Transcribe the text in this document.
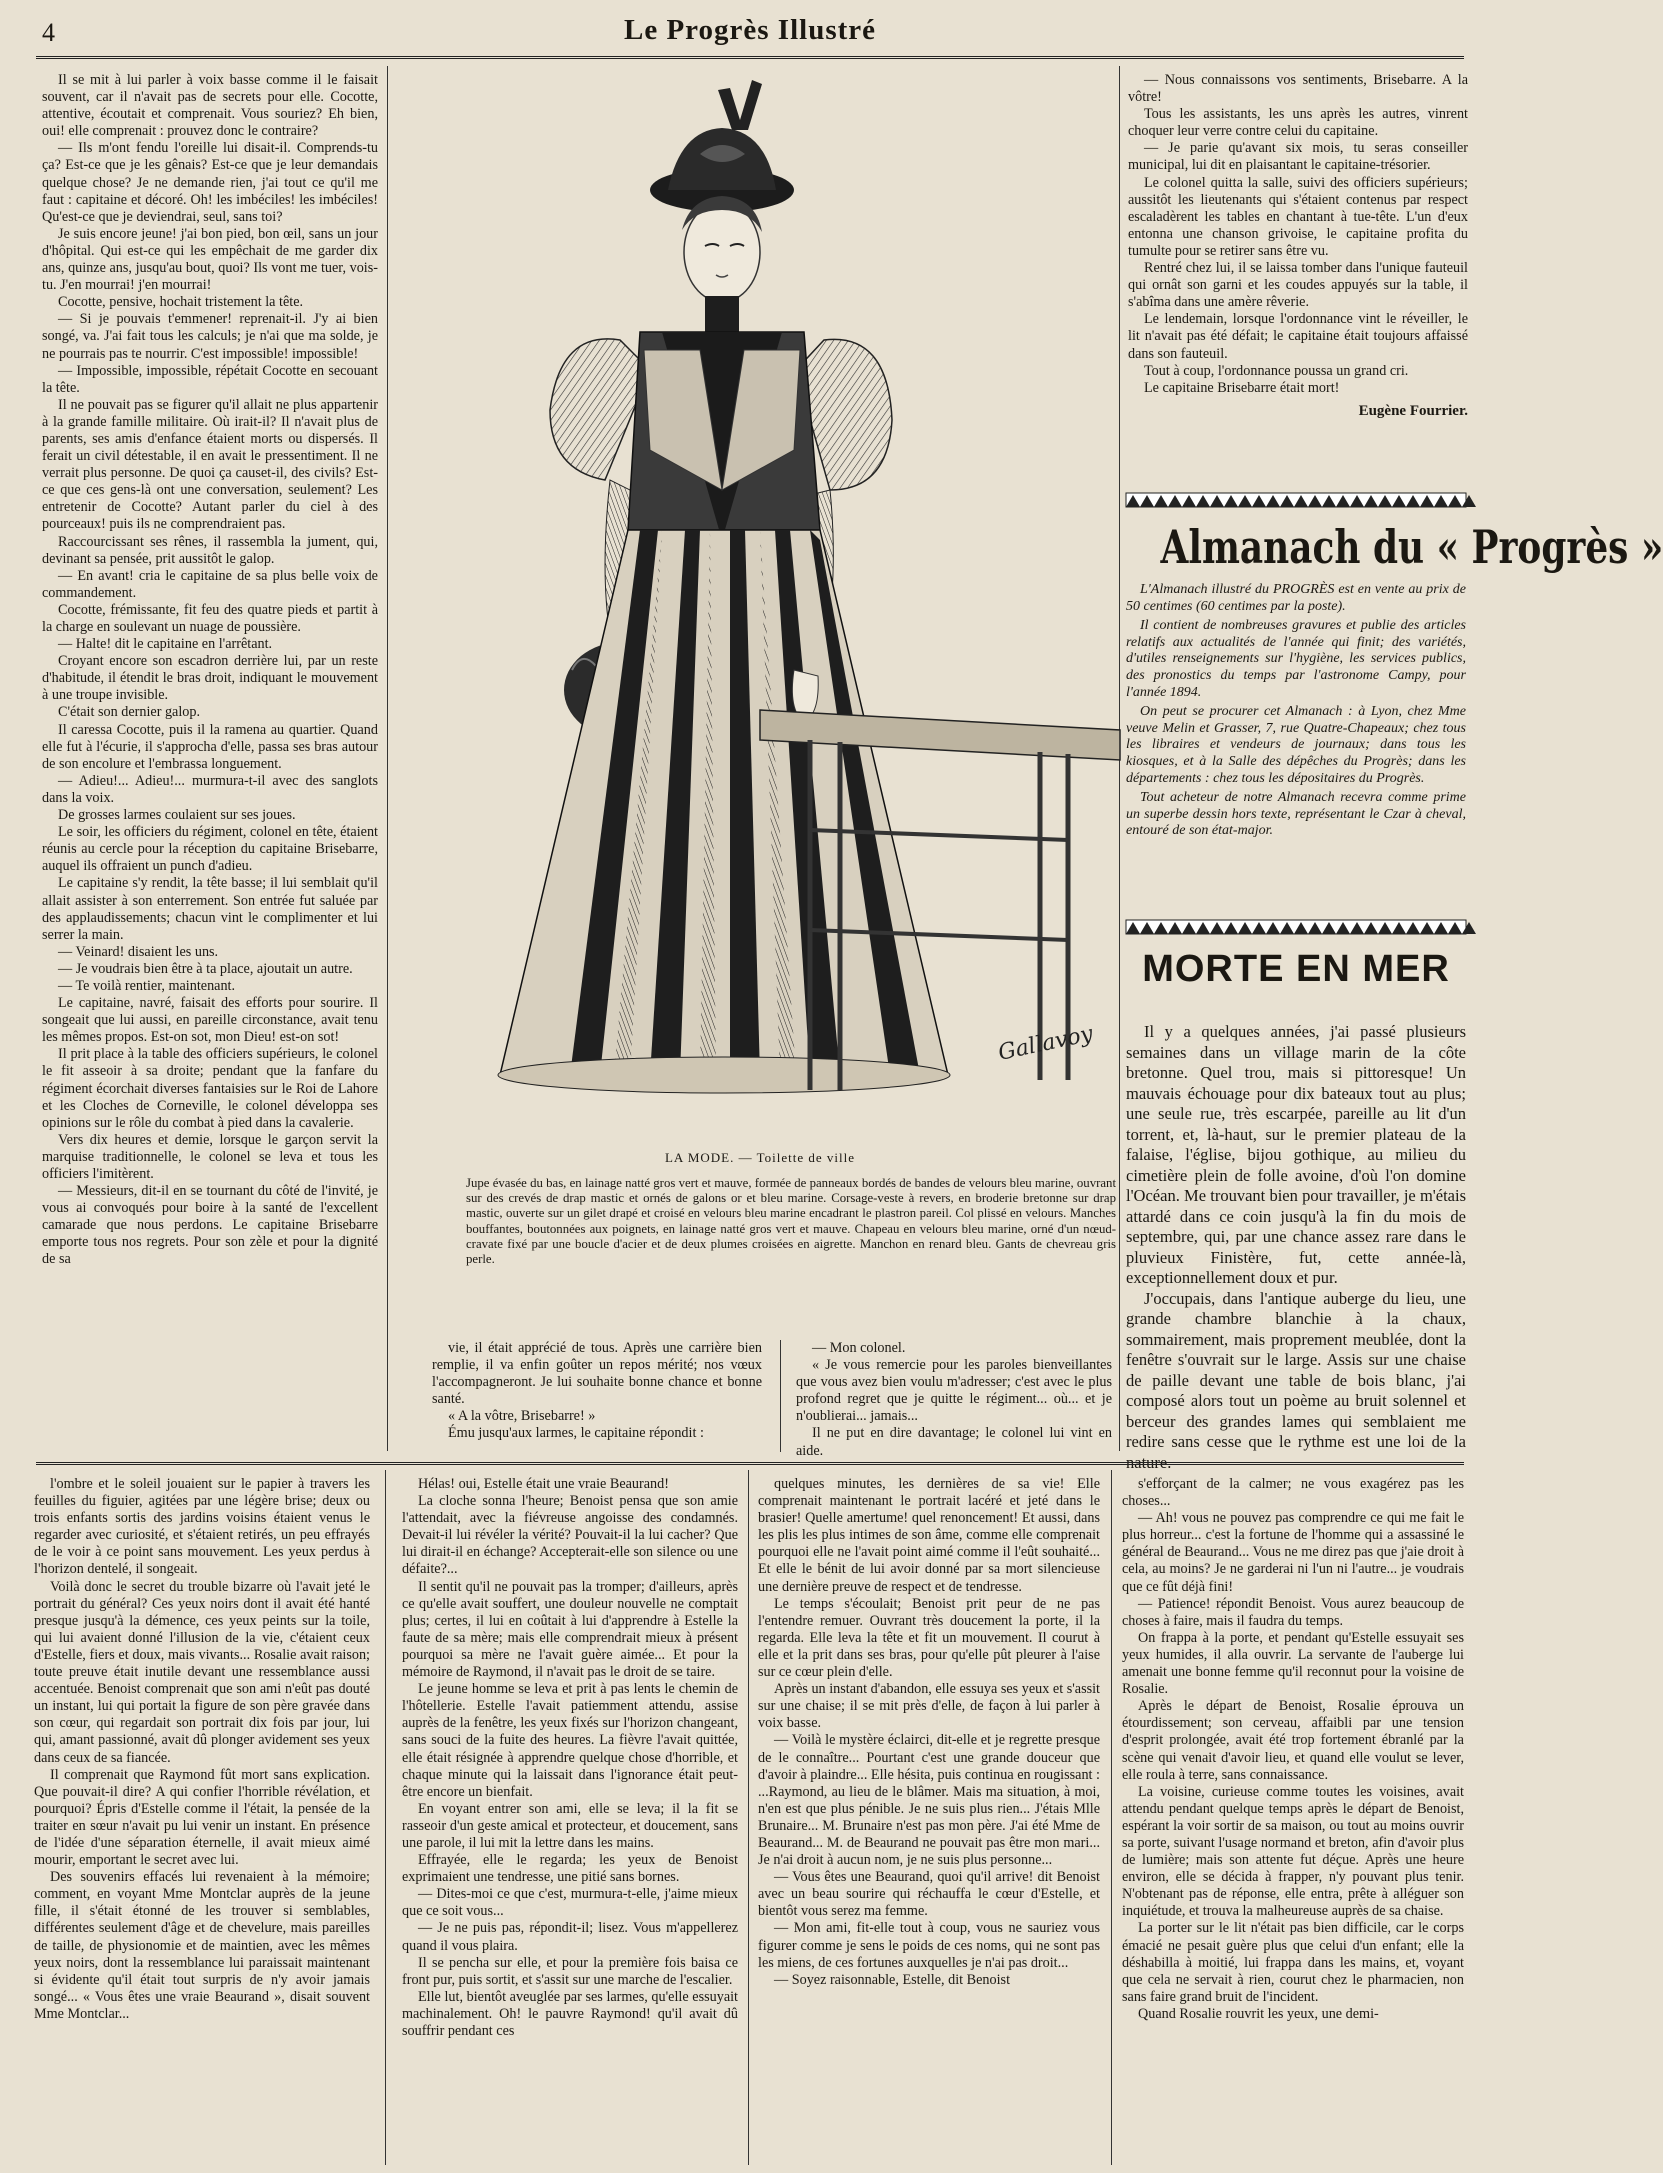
4	Le Progrès Illustré

Il se mit à lui parler à voix basse comme il le faisait souvent, car il n'avait pas de secrets pour elle. Cocotte, attentive, écoutait et comprenait. Vous souriez? Eh bien, oui! elle comprenait : prouvez donc le contraire?

— Ils m'ont fendu l'oreille lui disait-il. Comprends-tu ça? Est-ce que je les gênais? Est-ce que je leur demandais quelque chose? Je ne demande rien, j'ai tout ce qu'il me faut : capitaine et décoré. Oh! les imbéciles! les imbéciles! Qu'est-ce que je deviendrai, seul, sans toi?

Je suis encore jeune! j'ai bon pied, bon œil, sans un jour d'hôpital. Qui est-ce qui les empêchait de me garder dix ans, quinze ans, jusqu'au bout, quoi? Ils vont me tuer, vois-tu. J'en mourrai! j'en mourrai!

Cocotte, pensive, hochait tristement la tête.

— Si je pouvais t'emmener! reprenait-il. J'y ai bien songé, va. J'ai fait tous les calculs; je n'ai que ma solde, je ne pourrais pas te nourrir. C'est impossible! impossible!

— Impossible, impossible, répétait Cocotte en secouant la tête.

Il ne pouvait pas se figurer qu'il allait ne plus appartenir à la grande famille militaire. Où irait-il? Il n'avait plus de parents, ses amis d'enfance étaient morts ou dispersés. Il ferait un civil détestable, il en avait le pressentiment. Il ne verrait plus personne. De quoi ça causet-il, des civils? Est-ce que ces gens-là ont une conversation, seulement? Les entretenir de Cocotte? Autant parler du ciel à des pourceaux! puis ils ne comprendraient pas.

Raccourcissant ses rênes, il rassembla la jument, qui, devinant sa pensée, prit aussitôt le galop.

— En avant! cria le capitaine de sa plus belle voix de commandement.

Cocotte, frémissante, fit feu des quatre pieds et partit à la charge en soulevant un nuage de poussière.

— Halte! dit le capitaine en l'arrêtant.

Croyant encore son escadron derrière lui, par un reste d'habitude, il étendit le bras droit, indiquant le mouvement à une troupe invisible.

C'était son dernier galop.

Il caressa Cocotte, puis il la ramena au quartier. Quand elle fut à l'écurie, il s'approcha d'elle, passa ses bras autour de son encolure et l'embrassa longuement.

— Adieu!... Adieu!... murmura-t-il avec des sanglots dans la voix.

De grosses larmes coulaient sur ses joues.

Le soir, les officiers du régiment, colonel en tête, étaient réunis au cercle pour la réception du capitaine Brisebarre, auquel ils offraient un punch d'adieu.

Le capitaine s'y rendit, la tête basse; il lui semblait qu'il allait assister à son enterrement. Son entrée fut saluée par des applaudissements; chacun vint le complimenter et lui serrer la main.

— Veinard! disaient les uns.

— Je voudrais bien être à ta place, ajoutait un autre.

— Te voilà rentier, maintenant.

Le capitaine, navré, faisait des efforts pour sourire. Il songeait que lui aussi, en pareille circonstance, avait tenu les mêmes propos. Est-on sot, mon Dieu! est-on sot!

Il prit place à la table des officiers supérieurs, le colonel le fit asseoir à sa droite; pendant que la fanfare du régiment écorchait diverses fantaisies sur le Roi de Lahore et les Cloches de Corneville, le colonel développa ses opinions sur le rôle du combat à pied dans la cavalerie.

Vers dix heures et demie, lorsque le garçon servit la marquise traditionnelle, le colonel se leva et tous les officiers l'imitèrent.

— Messieurs, dit-il en se tournant du côté de l'invité, je vous ai convoqués pour boire à la santé de l'excellent camarade que nous perdons. Le capitaine Brisebarre emporte tous nos regrets. Pour son zèle et pour la dignité de sa

Gallavoy
LA MODE. — Toilette de ville
Jupe évasée du bas, en lainage natté gros vert et mauve, formée de panneaux bordés de bandes de velours bleu marine, ouvrant sur des crevés de drap mastic et ornés de galons or et bleu marine. Corsage-veste à revers, en broderie bretonne sur drap mastic, ouverte sur un gilet drapé et croisé en velours bleu marine encadrant le plastron pareil. Col plissé en velours. Manches bouffantes, boutonnées aux poignets, en lainage natté gros vert et mauve. Chapeau en velours bleu marine, orné d'un nœud-cravate fixé par une boucle d'acier et de deux plumes croisées en aigrette. Manchon en renard bleu. Gants de chevreau gris perle.

vie, il était apprécié de tous. Après une carrière bien remplie, il va enfin goûter un repos mérité; nos vœux l'accompagneront. Je lui souhaite bonne chance et bonne santé.

« A la vôtre, Brisebarre! »

Ému jusqu'aux larmes, le capitaine répondit :

— Mon colonel.

« Je vous remercie pour les paroles bienveillantes que vous avez bien voulu m'adresser; c'est avec le plus profond regret que je quitte le régiment... où... et je n'oublierai... jamais...

Il ne put en dire davantage; le colonel lui vint en aide.

— Nous connaissons vos sentiments, Brisebarre. A la vôtre!

Tous les assistants, les uns après les autres, vinrent choquer leur verre contre celui du capitaine.

— Je parie qu'avant six mois, tu seras conseiller municipal, lui dit en plaisantant le capitaine-trésorier.

Le colonel quitta la salle, suivi des officiers supérieurs; aussitôt les lieutenants qui s'étaient contenus par respect escaladèrent les tables en chantant à tue-tête. L'un d'eux entonna une chanson grivoise, le capitaine profita du tumulte pour se retirer sans être vu.

Rentré chez lui, il se laissa tomber dans l'unique fauteuil qui ornât son garni et les coudes appuyés sur la table, il s'abîma dans une amère rêverie.

Le lendemain, lorsque l'ordonnance vint le réveiller, le lit n'avait pas été défait; le capitaine était toujours affaissé dans son fauteuil.

Tout à coup, l'ordonnance poussa un grand cri.

Le capitaine Brisebarre était mort!

Eugène Fourrier.
Almanach du « Progrès »

L'Almanach illustré du PROGRÈS est en vente au prix de 50 centimes (60 centimes par la poste).

Il contient de nombreuses gravures et publie des articles relatifs aux actualités de l'année qui finit; des variétés, d'utiles renseignements sur l'hygiène, les services publics, des pronostics du temps par l'astronome Campy, pour l'année 1894.

On peut se procurer cet Almanach : à Lyon, chez Mme veuve Melin et Grasser, 7, rue Quatre-Chapeaux; chez tous les libraires et vendeurs de journaux; dans tous les kiosques, et à la Salle des dépêches du Progrès; dans les départements : chez tous les dépositaires du Progrès.

Tout acheteur de notre Almanach recevra comme prime un superbe dessin hors texte, représentant le Czar à cheval, entouré de son état-major.

MORTE EN MER

Il y a quelques années, j'ai passé plusieurs semaines dans un village marin de la côte bretonne. Quel trou, mais si pittoresque! Un mauvais échouage pour dix bateaux tout au plus; une seule rue, très escarpée, pareille au lit d'un torrent, et, là-haut, sur le premier plateau de la falaise, l'église, bijou gothique, au milieu du cimetière plein de folle avoine, d'où l'on domine l'Océan. Me trouvant bien pour travailler, je m'étais attardé dans ce coin jusqu'à la fin du mois de septembre, qui, par une chance assez rare dans le pluvieux Finistère, fut, cette année-là, exceptionnellement doux et pur.

J'occupais, dans l'antique auberge du lieu, une grande chambre blanchie à la chaux, sommairement, mais proprement meublée, dont la fenêtre s'ouvrait sur le large. Assis sur une chaise de paille devant une table de bois blanc, j'ai composé alors tout un poème au bruit solennel et berceur des grandes lames qui semblaient me redire sans cesse que le rythme est une loi de la nature.

l'ombre et le soleil jouaient sur le papier à travers les feuilles du figuier, agitées par une légère brise; deux ou trois enfants sortis des jardins voisins étaient venus le regarder avec curiosité, et s'étaient retirés, un peu effrayés de le voir à ce point sans mouvement. Les yeux perdus à l'horizon dentelé, il songeait.

Voilà donc le secret du trouble bizarre où l'avait jeté le portrait du général? Ces yeux noirs dont il avait été hanté presque jusqu'à la démence, ces yeux peints sur la toile, qui lui avaient donné l'illusion de la vie, c'étaient ceux d'Estelle, fiers et doux, mais vivants... Rosalie avait raison; toute preuve était inutile devant une ressemblance aussi accentuée. Benoist comprenait que son ami n'eût pas douté un instant, lui qui portait la figure de son père gravée dans son cœur, qui regardait son portrait dix fois par jour, lui qui, amant passionné, avait dû plonger avidement ses yeux dans ceux de sa fiancée.

Il comprenait que Raymond fût mort sans explication. Que pouvait-il dire? A qui confier l'horrible révélation, et pourquoi? Épris d'Estelle comme il l'était, la pensée de la traiter en sœur n'avait pu lui venir un instant. En présence de l'idée d'une séparation éternelle, il avait mieux aimé mourir, emportant le secret avec lui.

Des souvenirs effacés lui revenaient à la mémoire; comment, en voyant Mme Montclar auprès de la jeune fille, il s'était étonné de les trouver si semblables, différentes seulement d'âge et de chevelure, mais pareilles de taille, de physionomie et de maintien, avec les mêmes yeux noirs, dont la ressemblance lui paraissait maintenant si évidente qu'il était tout surpris de n'y avoir jamais songé... « Vous êtes une vraie Beaurand », disait souvent Mme Montclar...

Hélas! oui, Estelle était une vraie Beaurand!

La cloche sonna l'heure; Benoist pensa que son amie l'attendait, avec la fiévreuse angoisse des condamnés. Devait-il lui révéler la vérité? Pouvait-il la lui cacher? Que lui dirait-il en échange? Accepterait-elle son silence ou une défaite?...

Il sentit qu'il ne pouvait pas la tromper; d'ailleurs, après ce qu'elle avait souffert, une douleur nouvelle ne comptait plus; certes, il lui en coûtait à lui d'apprendre à Estelle la faute de sa mère; mais elle comprendrait mieux à présent pourquoi sa mère ne l'avait guère aimée... Et pour la mémoire de Raymond, il n'avait pas le droit de se taire.

Le jeune homme se leva et prit à pas lents le chemin de l'hôtellerie. Estelle l'avait patiemment attendu, assise auprès de la fenêtre, les yeux fixés sur l'horizon changeant, sans souci de la fuite des heures. La fièvre l'avait quittée, elle était résignée à apprendre quelque chose d'horrible, et chaque minute qui la laissait dans l'ignorance était peut-être encore un bienfait.

En voyant entrer son ami, elle se leva; il la fit se rasseoir d'un geste amical et protecteur, et doucement, sans une parole, il lui mit la lettre dans les mains.

Effrayée, elle le regarda; les yeux de Benoist exprimaient une tendresse, une pitié sans bornes.

— Dites-moi ce que c'est, murmura-t-elle, j'aime mieux que ce soit vous...

— Je ne puis pas, répondit-il; lisez. Vous m'appellerez quand il vous plaira.

Il se pencha sur elle, et pour la première fois baisa ce front pur, puis sortit, et s'assit sur une marche de l'escalier.

Elle lut, bientôt aveuglée par ses larmes, qu'elle essuyait machinalement. Oh! le pauvre Raymond! qu'il avait dû souffrir pendant ces

quelques minutes, les dernières de sa vie! Elle comprenait maintenant le portrait lacéré et jeté dans le brasier! Quelle amertume! quel renoncement! Et aussi, dans les plis les plus intimes de son âme, comme elle comprenait pourquoi elle ne l'avait point aimé comme il l'eût souhaité... Et elle le bénit de lui avoir donné par sa mort silencieuse une dernière preuve de respect et de tendresse.

Le temps s'écoulait; Benoist prit peur de ne pas l'entendre remuer. Ouvrant très doucement la porte, il la regarda. Elle leva la tête et fit un mouvement. Il courut à elle et la prit dans ses bras, pour qu'elle pût pleurer à l'aise sur ce cœur plein d'elle.

Après un instant d'abandon, elle essuya ses yeux et s'assit sur une chaise; il se mit près d'elle, de façon à lui parler à voix basse.

— Voilà le mystère éclairci, dit-elle et je regrette presque de le connaître... Pourtant c'est une grande douceur que d'avoir à plaindre... Elle hésita, puis continua en rougissant : ...Raymond, au lieu de le blâmer. Mais ma situation, à moi, n'en est que plus pénible. Je ne suis plus rien... J'étais Mlle Brunaire... M. Brunaire n'est pas mon père. J'ai été Mme de Beaurand... M. de Beaurand ne pouvait pas être mon mari... Je n'ai droit à aucun nom, je ne suis plus personne...

— Vous êtes une Beaurand, quoi qu'il arrive! dit Benoist avec un beau sourire qui réchauffa le cœur d'Estelle, et bientôt vous serez ma femme.

— Mon ami, fit-elle tout à coup, vous ne sauriez vous figurer comme je sens le poids de ces noms, qui ne sont pas les miens, de ces fortunes auxquelles je n'ai pas droit...

— Soyez raisonnable, Estelle, dit Benoist

s'efforçant de la calmer; ne vous exagérez pas les choses...

— Ah! vous ne pouvez pas comprendre ce qui me fait le plus horreur... c'est la fortune de l'homme qui a assassiné le général de Beaurand... Vous ne me direz pas que j'aie droit à cela, au moins? Je ne garderai ni l'un ni l'autre... je voudrais que ce fût déjà fini!

— Patience! répondit Benoist. Vous aurez beaucoup de choses à faire, mais il faudra du temps.

On frappa à la porte, et pendant qu'Estelle essuyait ses yeux humides, il alla ouvrir. La servante de l'auberge lui amenait une bonne femme qu'il reconnut pour la voisine de Rosalie.

Après le départ de Benoist, Rosalie éprouva un étourdissement; son cerveau, affaibli par une tension d'esprit prolongée, avait été trop fortement ébranlé par la scène qui venait d'avoir lieu, et quand elle voulut se lever, elle roula à terre, sans connaissance.

La voisine, curieuse comme toutes les voisines, avait attendu pendant quelque temps après le départ de Benoist, espérant la voir sortir de sa maison, ou tout au moins ouvrir sa porte, suivant l'usage normand et breton, afin d'avoir plus de lumière; mais son attente fut déçue. Après une heure environ, elle se décida à frapper, n'y pouvant plus tenir. N'obtenant pas de réponse, elle entra, prête à alléguer son inquiétude, et trouva la malheureuse auprès de sa chaise.

La porter sur le lit n'était pas bien difficile, car le corps émacié ne pesait guère plus que celui d'un enfant; elle la déshabilla à moitié, lui frappa dans les mains, et, voyant que cela ne servait à rien, courut chez le pharmacien, non sans faire grand bruit de l'incident.

Quand Rosalie rouvrit les yeux, une demi-
